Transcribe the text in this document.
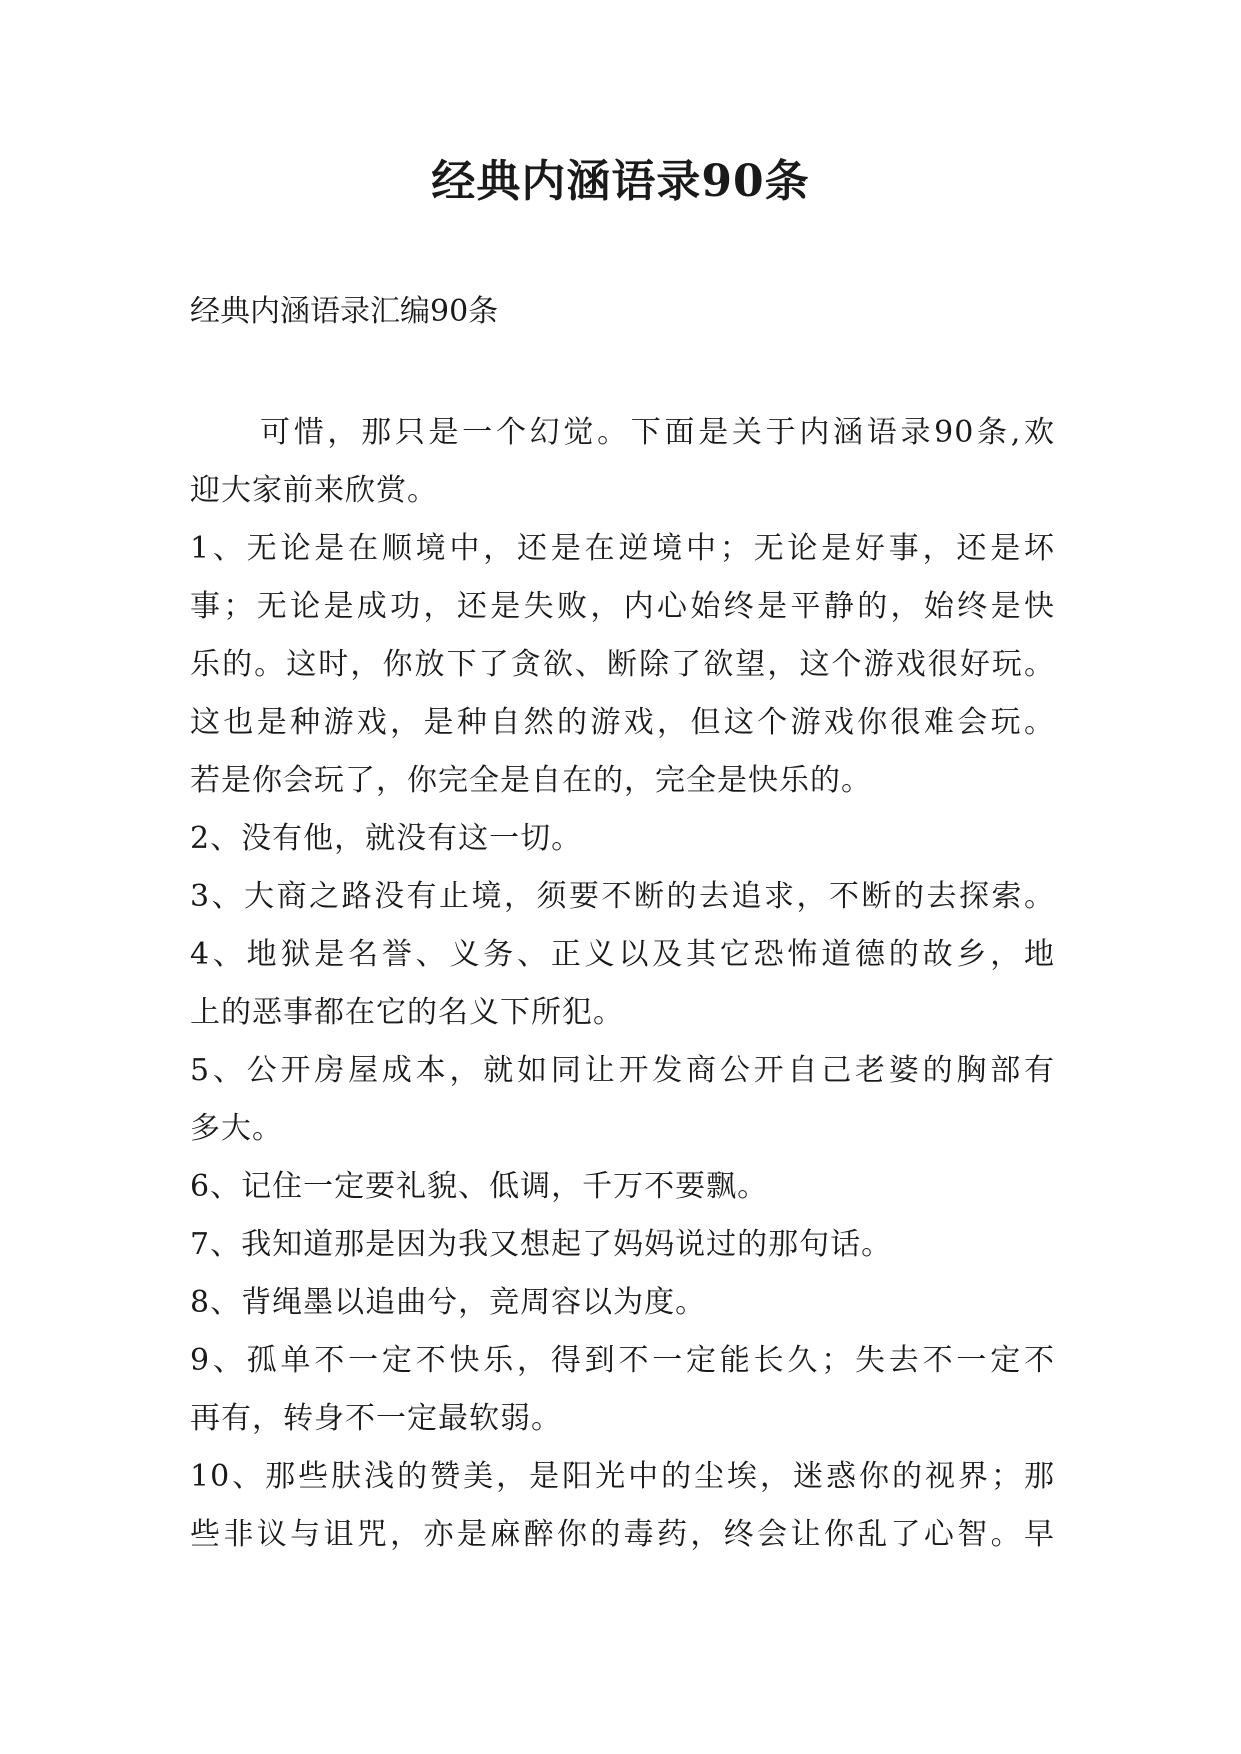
经典内涵语录90条
经典内涵语录汇编90条
可惜，那只是一个幻觉。下面是关于内涵语录90条,欢
迎大家前来欣赏。
1、无论是在顺境中，还是在逆境中；无论是好事，还是坏
事；无论是成功，还是失败，内心始终是平静的，始终是快
乐的。这时，你放下了贪欲、断除了欲望，这个游戏很好玩。
这也是种游戏，是种自然的游戏，但这个游戏你很难会玩。
若是你会玩了，你完全是自在的，完全是快乐的。
2、没有他，就没有这一切。
3、大商之路没有止境，须要不断的去追求，不断的去探索。
4、地狱是名誉、义务、正义以及其它恐怖道德的故乡，地
上的恶事都在它的名义下所犯。
5、公开房屋成本，就如同让开发商公开自己老婆的胸部有
多大。
6、记住一定要礼貌、低调，千万不要飘。
7、我知道那是因为我又想起了妈妈说过的那句话。
8、背绳墨以追曲兮，竞周容以为度。
9、孤单不一定不快乐，得到不一定能长久；失去不一定不
再有，转身不一定最软弱。
10、那些肤浅的赞美，是阳光中的尘埃，迷惑你的视界；那
些非议与诅咒，亦是麻醉你的毒药，终会让你乱了心智。早
